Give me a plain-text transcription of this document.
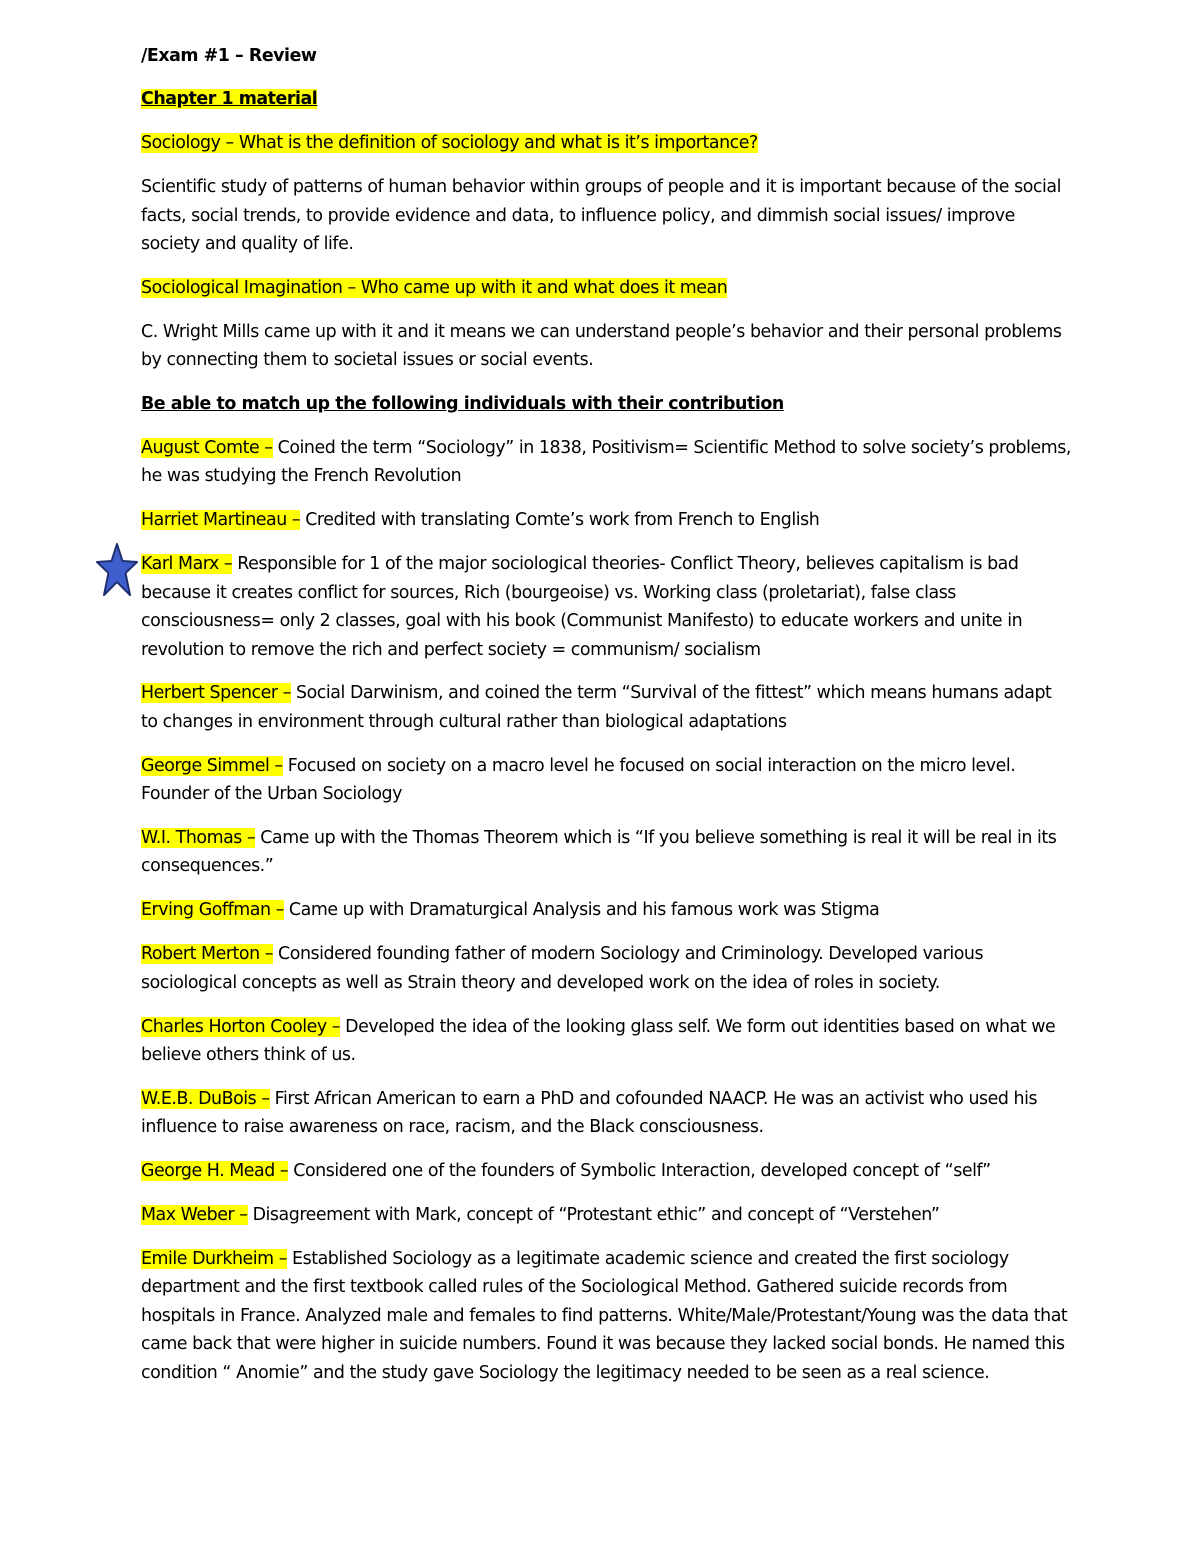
/Exam #1 – Review

Chapter 1 material

Sociology – What is the definition of sociology and what is it’s importance?

Scientific study of patterns of human behavior within groups of people and it is important because of the social facts, social trends, to provide evidence and data, to influence policy, and dimmish social issues/ improve society and quality of life.

Sociological Imagination – Who came up with it and what does it mean

C. Wright Mills came up with it and it means we can understand people’s behavior and their personal problems by connecting them to societal issues or social events.

Be able to match up the following individuals with their contribution

August Comte – Coined the term “Sociology” in 1838, Positivism= Scientific Method to solve society’s problems, he was studying the French Revolution

Harriet Martineau – Credited with translating Comte’s work from French to English

Karl Marx – Responsible for 1 of the major sociological theories- Conflict Theory, believes capitalism is bad because it creates conflict for sources, Rich (bourgeoise) vs. Working class (proletariat), false class consciousness= only 2 classes, goal with his book (Communist Manifesto) to educate workers and unite in revolution to remove the rich and perfect society = communism/ socialism

Herbert Spencer – Social Darwinism, and coined the term “Survival of the fittest” which means humans adapt to changes in environment through cultural rather than biological adaptations

George Simmel – Focused on society on a macro level he focused on social interaction on the micro level. Founder of the Urban Sociology

W.I. Thomas – Came up with the Thomas Theorem which is “If you believe something is real it will be real in its consequences.”

Erving Goffman – Came up with Dramaturgical Analysis and his famous work was Stigma

Robert Merton – Considered founding father of modern Sociology and Criminology. Developed various sociological concepts as well as Strain theory and developed work on the idea of roles in society.

Charles Horton Cooley – Developed the idea of the looking glass self. We form out identities based on what we believe others think of us.

W.E.B. DuBois – First African American to earn a PhD and cofounded NAACP. He was an activist who used his influence to raise awareness on race, racism, and the Black consciousness.

George H. Mead – Considered one of the founders of Symbolic Interaction, developed concept of “self”

Max Weber – Disagreement with Mark, concept of “Protestant ethic” and concept of “Verstehen”

Emile Durkheim – Established Sociology as a legitimate academic science and created the first sociology department and the first textbook called rules of the Sociological Method. Gathered suicide records from hospitals in France. Analyzed male and females to find patterns. White/Male/Protestant/Young was the data that came back that were higher in suicide numbers. Found it was because they lacked social bonds. He named this condition “ Anomie” and the study gave Sociology the legitimacy needed to be seen as a real science.
